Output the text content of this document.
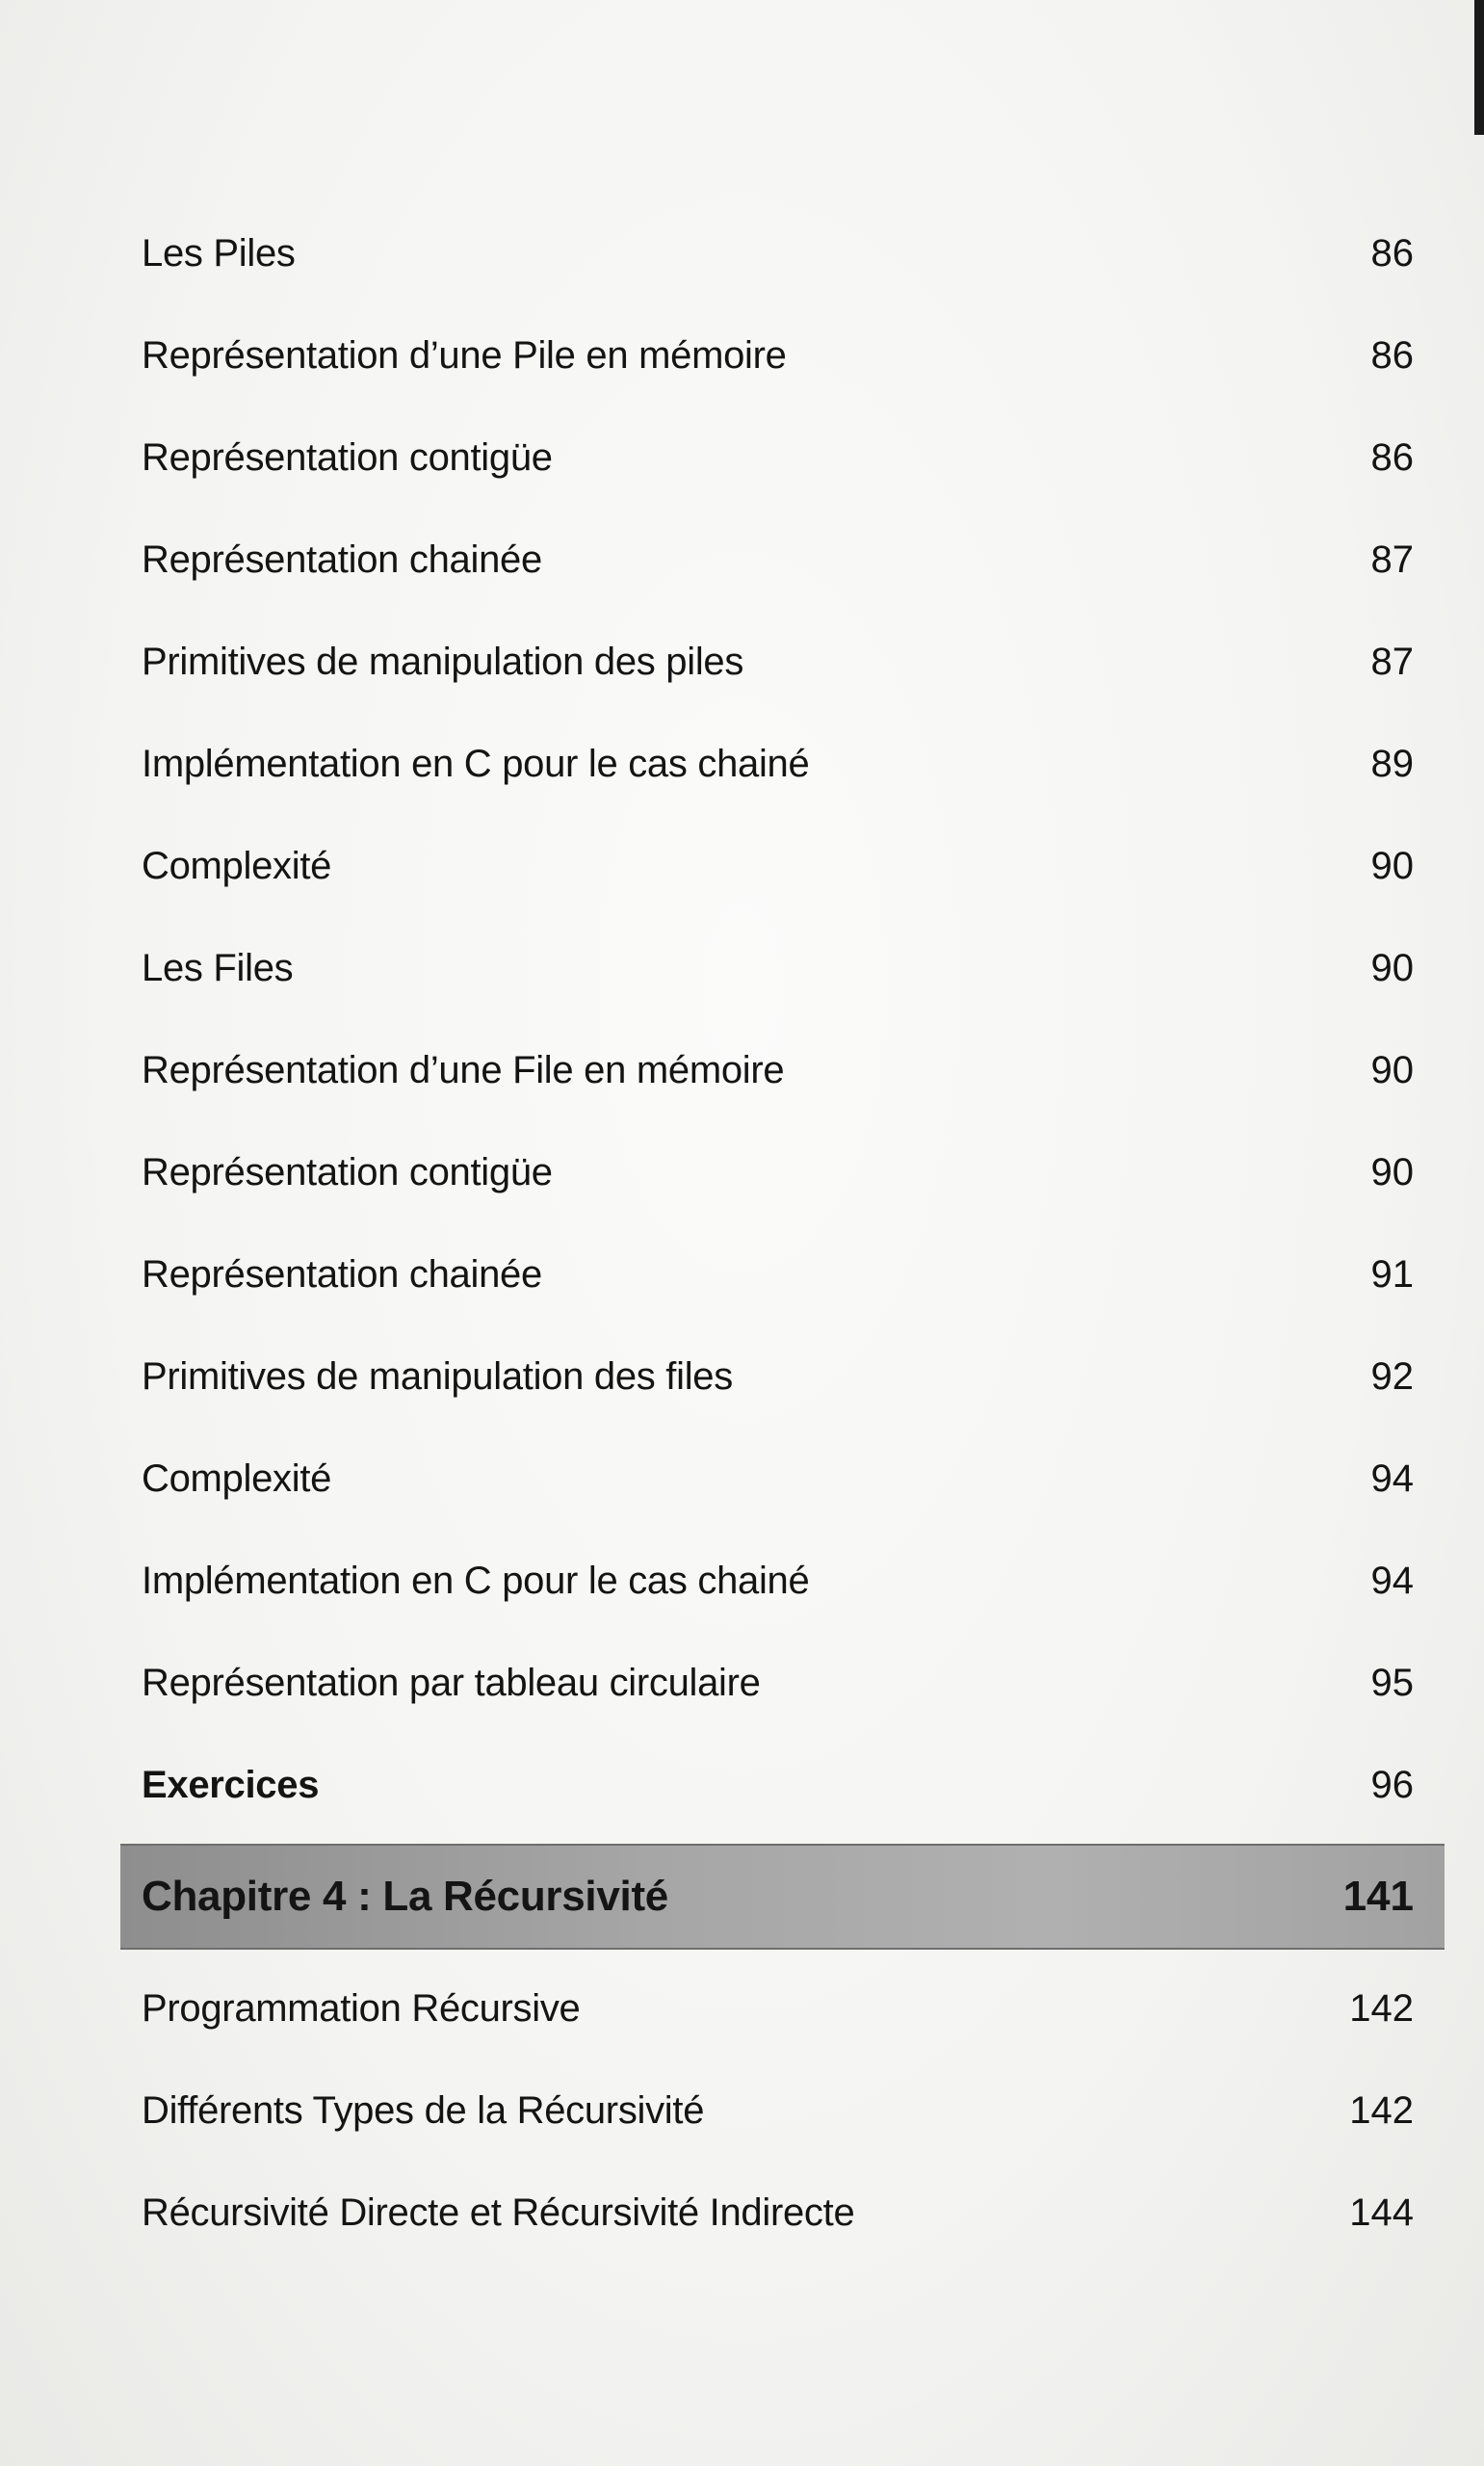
Les Piles	86
Représentation d’une Pile en mémoire	86
Représentation contigüe	86
Représentation chainée	87
Primitives de manipulation des piles	87
Implémentation en C pour le cas chainé	89
Complexité	90
Les Files	90
Représentation d’une File en mémoire	90
Représentation contigüe	90
Représentation chainée	91
Primitives de manipulation des files	92
Complexité	94
Implémentation en C pour le cas chainé	94
Représentation par tableau circulaire	95
Exercices	96
Chapitre 4 : La Récursivité	141
Programmation Récursive	142
Différents Types de la Récursivité	142
Récursivité Directe et Récursivité Indirecte	144
